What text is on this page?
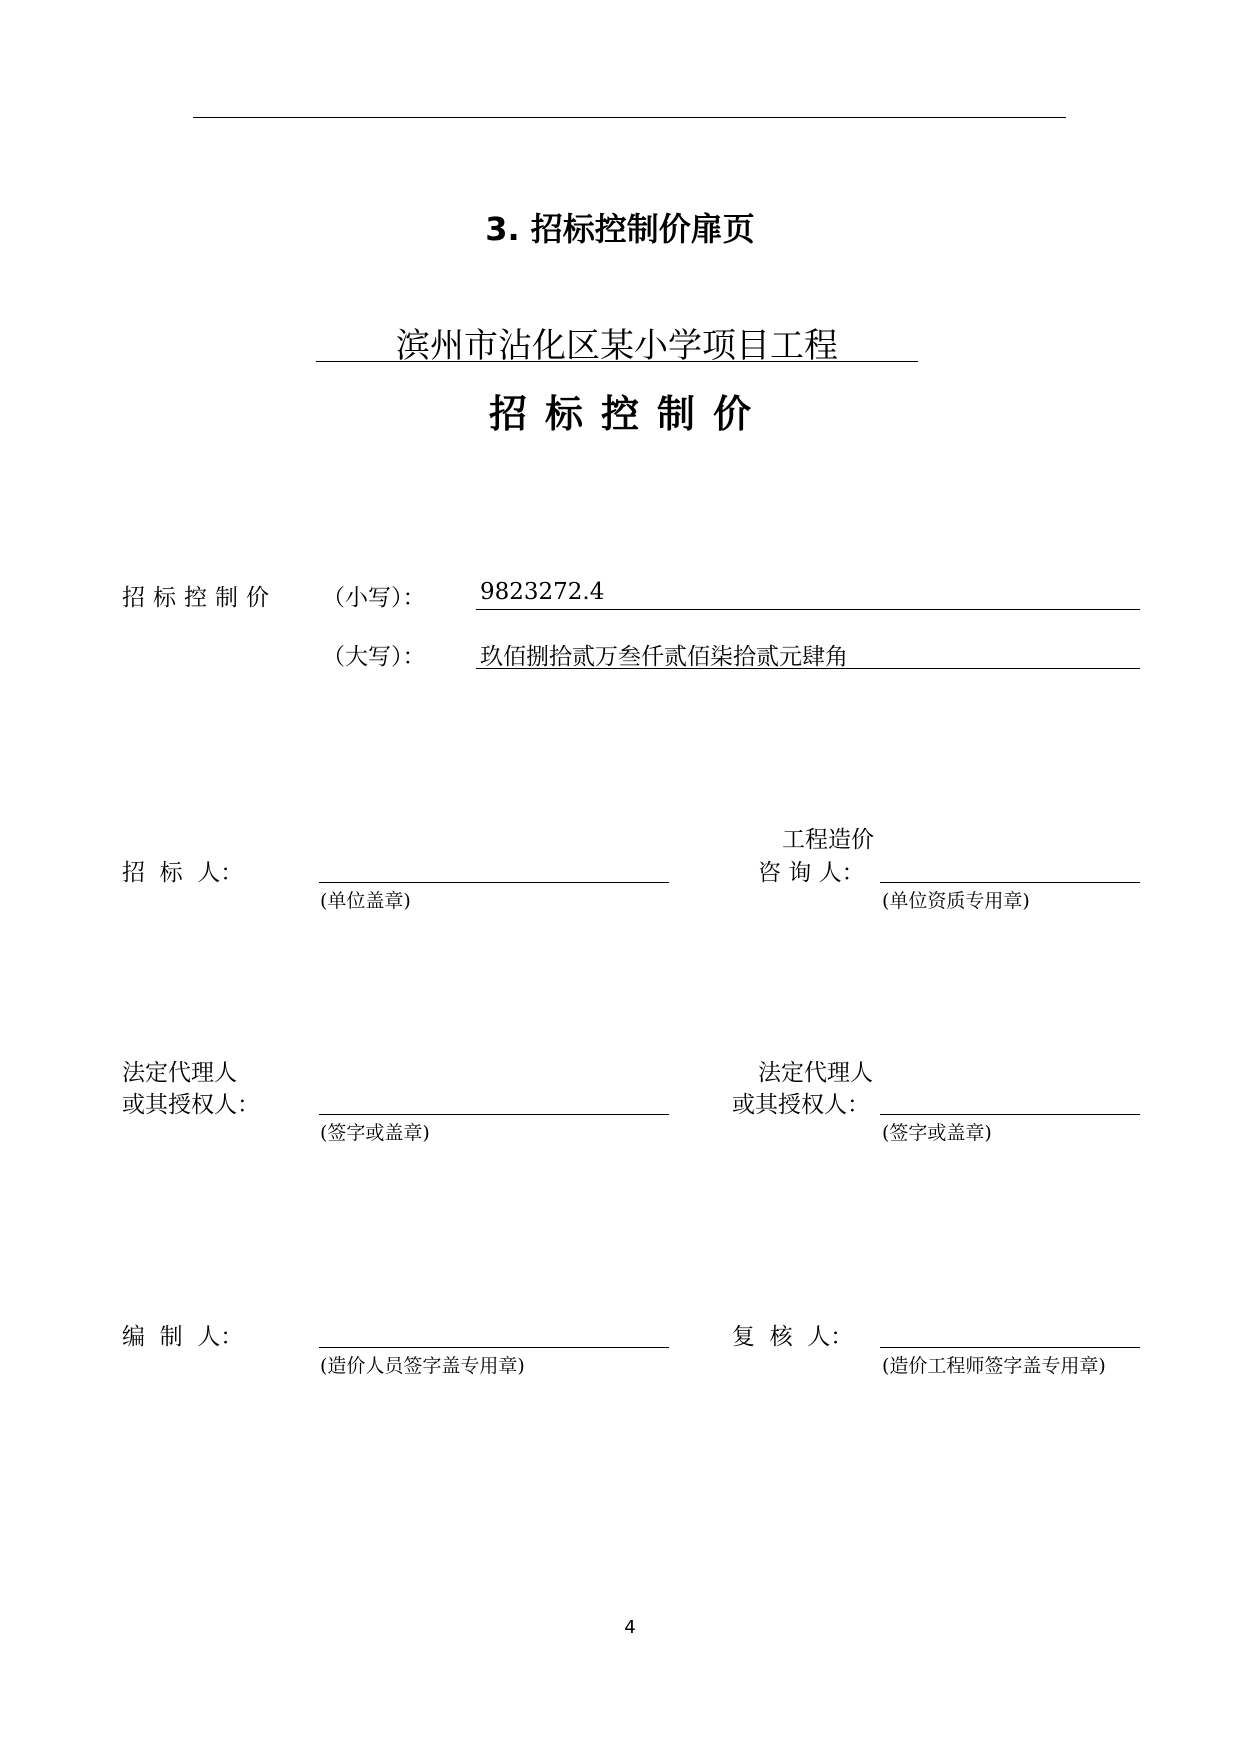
3. 招标控制价扉页
滨州市沾化区某小学项目工程
招标控制价
招标控制价 （小写）： 9823272.4
（大写）： 玖佰捌拾贰万叁仟贰佰柒拾贰元肆角
招  标  人：
(单位盖章)
工程造价
咨 询 人：
(单位资质专用章)
法定代理人
或其授权人：
(签字或盖章)
法定代理人
或其授权人：
(签字或盖章)
编  制  人：
(造价人员签字盖专用章)
复  核  人：
(造价工程师签字盖专用章)
4
